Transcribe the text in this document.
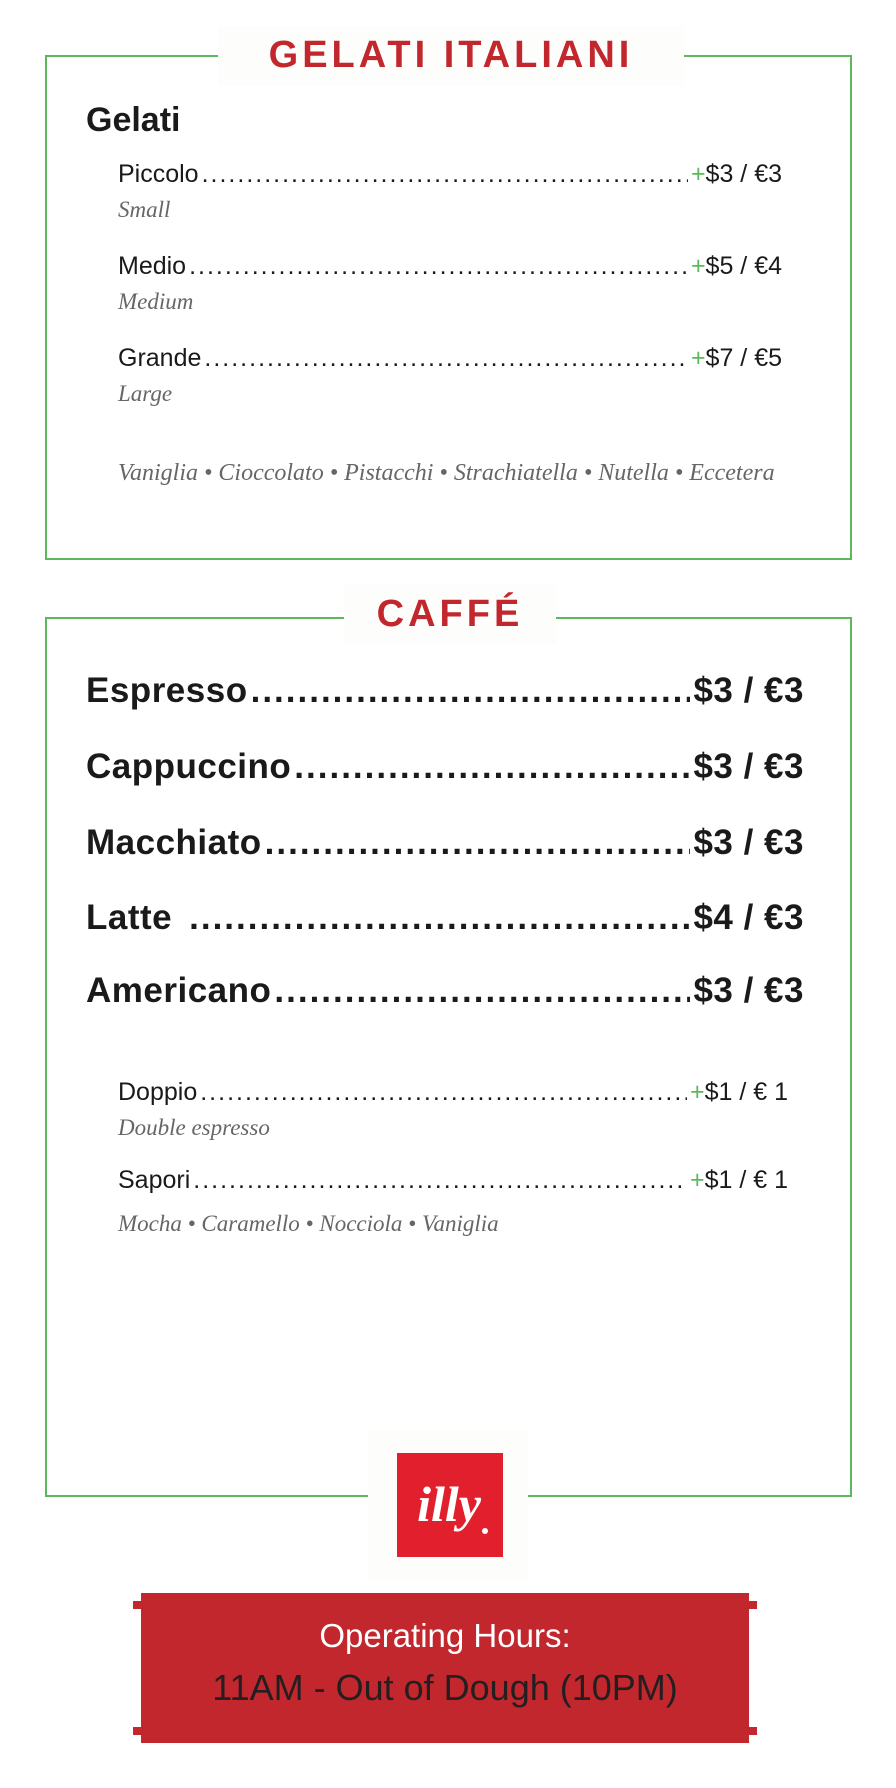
GELATI ITALIANI
Gelati
Piccolo .....	+$3 / €3
Small
Medio .....	+$5 / €4
Medium
Grande .....	+$7 / €5
Large
Vaniglia • Cioccolato • Pistacchi • Strachiatella • Nutella • Eccetera
CAFFÉ
Espresso .....	$3 / €3
Cappuccino .....	$3 / €3
Macchiato .....	$3 / €3
Latte .....	$4 / €3
Americano .....	$3 / €3
Doppio .....	+$1 / € 1
Double espresso
Sapori .....	+$1 / € 1
Mocha • Caramello • Nocciola • Vaniglia
illy
Operating Hours:
11AM - Out of Dough (10PM)
